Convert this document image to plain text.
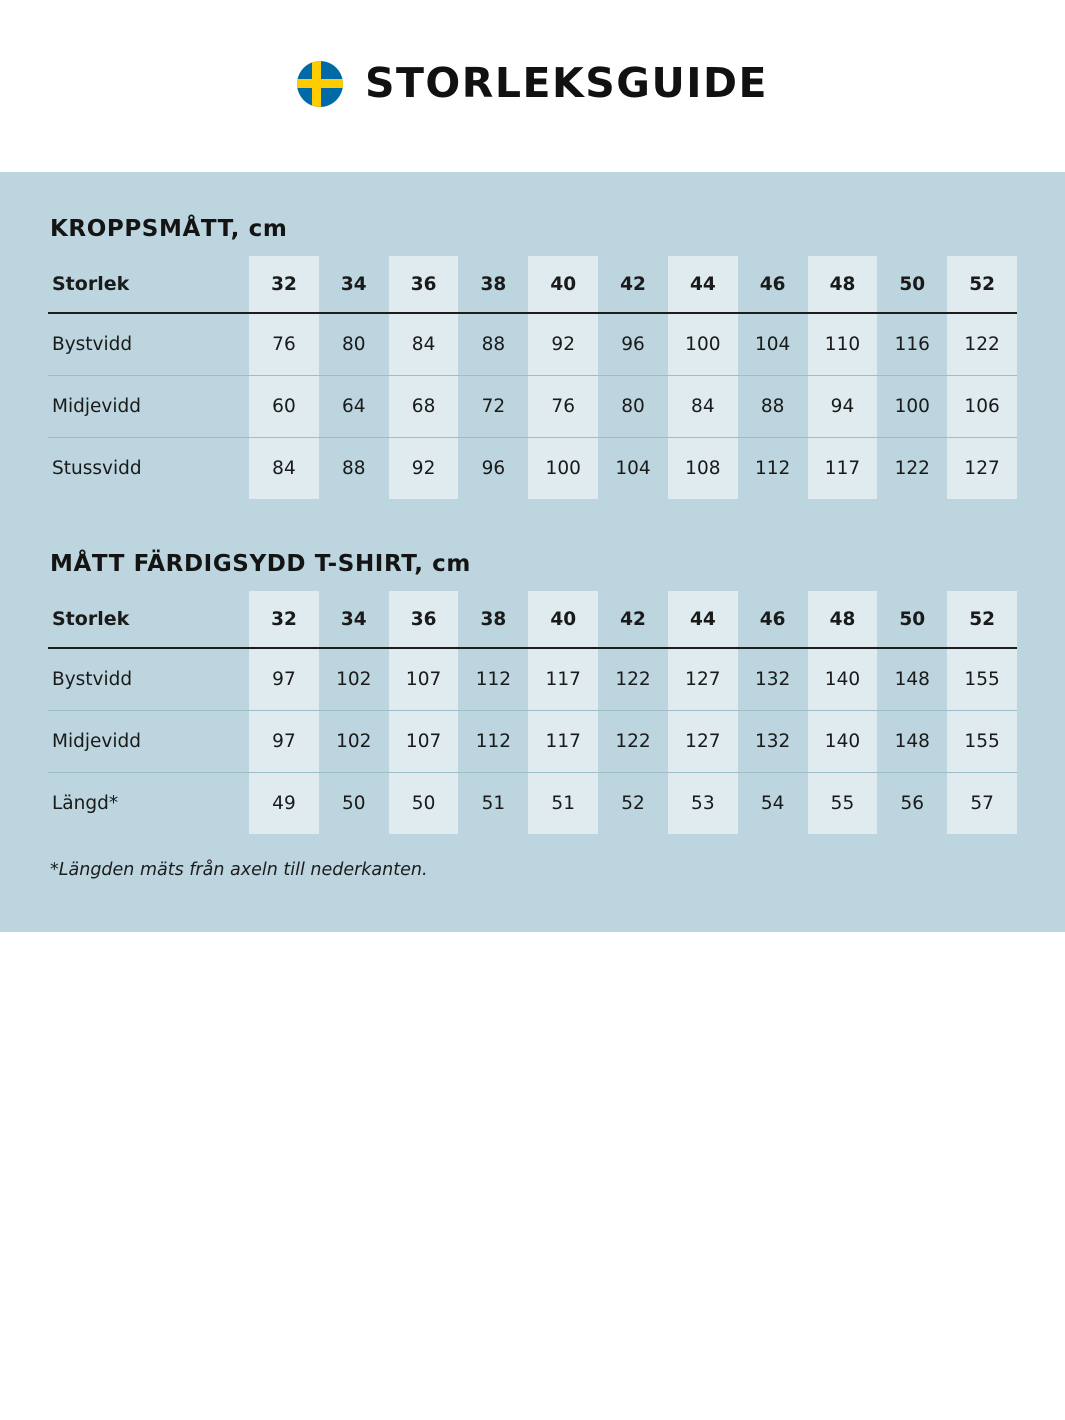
STORLEKSGUIDE
KROPPSMÅTT, cm
Storlek	32	34	36	38	40	42	44	46	48	50	52
Bystvidd	76	80	84	88	92	96	100	104	110	116	122
Midjevidd	60	64	68	72	76	80	84	88	94	100	106
Stussvidd	84	88	92	96	100	104	108	112	117	122	127
MÅTT FÄRDIGSYDD T-SHIRT, cm
Storlek	32	34	36	38	40	42	44	46	48	50	52
Bystvidd	97	102	107	112	117	122	127	132	140	148	155
Midjevidd	97	102	107	112	117	122	127	132	140	148	155
Längd*	49	50	50	51	51	52	53	54	55	56	57
*Längden mäts från axeln till nederkanten.
